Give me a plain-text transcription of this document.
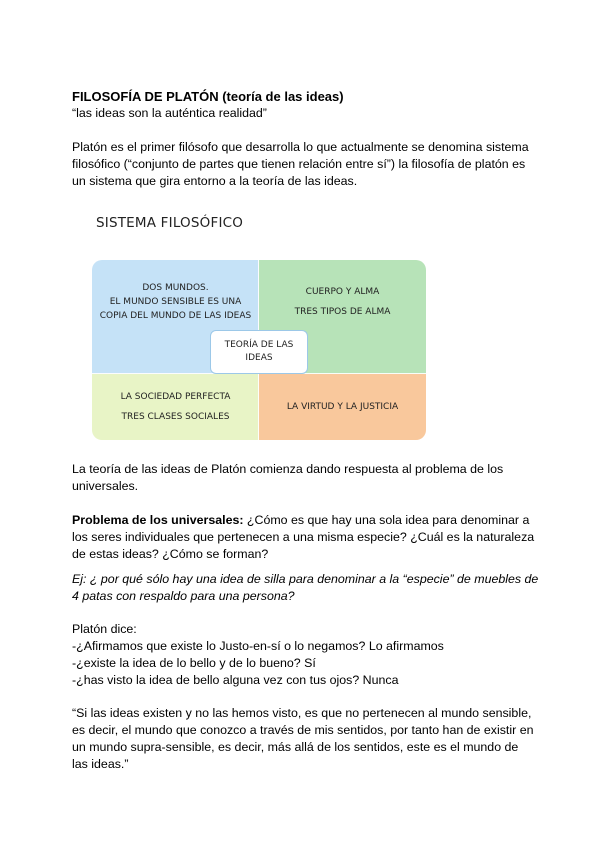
FILOSOFÍA DE PLATÓN (teoría de las ideas)

“las ideas son la auténtica realidad”

Platón es el primer filósofo que desarrolla lo que actualmente se denomina sistema
filosófico (“conjunto de partes que tienen relación entre sí”) la filosofía de platón es
un sistema que gira entorno a la teoría de las ideas.

SISTEMA FILOSÓFICO
DOS MUNDOS.
EL MUNDO SENSIBLE ES UNA
COPIA DEL MUNDO DE LAS IDEAS
CUERPO Y ALMA
TRES TIPOS DE ALMA
LA SOCIEDAD PERFECTA
TRES CLASES SOCIALES
LA VIRTUD Y LA JUSTICIA
TEORÍA DE LAS
IDEAS

La teoría de las ideas de Platón comienza dando respuesta al problema de los
universales.

Problema de los universales: ¿Cómo es que hay una sola idea para denominar a
los seres individuales que pertenecen a una misma especie? ¿Cuál es la naturaleza
de estas ideas? ¿Cómo se forman?

Ej: ¿ por qué sólo hay una idea de silla para denominar a la “especie” de muebles de
4 patas con respaldo para una persona?

Platón dice:
-¿Afirmamos que existe lo Justo-en-sí o lo negamos? Lo afirmamos
-¿existe la idea de lo bello y de lo bueno? Sí
-¿has visto la idea de bello alguna vez con tus ojos? Nunca

“Si las ideas existen y no las hemos visto, es que no pertenecen al mundo sensible,
es decir, el mundo que conozco a través de mis sentidos, por tanto han de existir en
un mundo supra-sensible, es decir, más allá de los sentidos, este es el mundo de
las ideas.”
